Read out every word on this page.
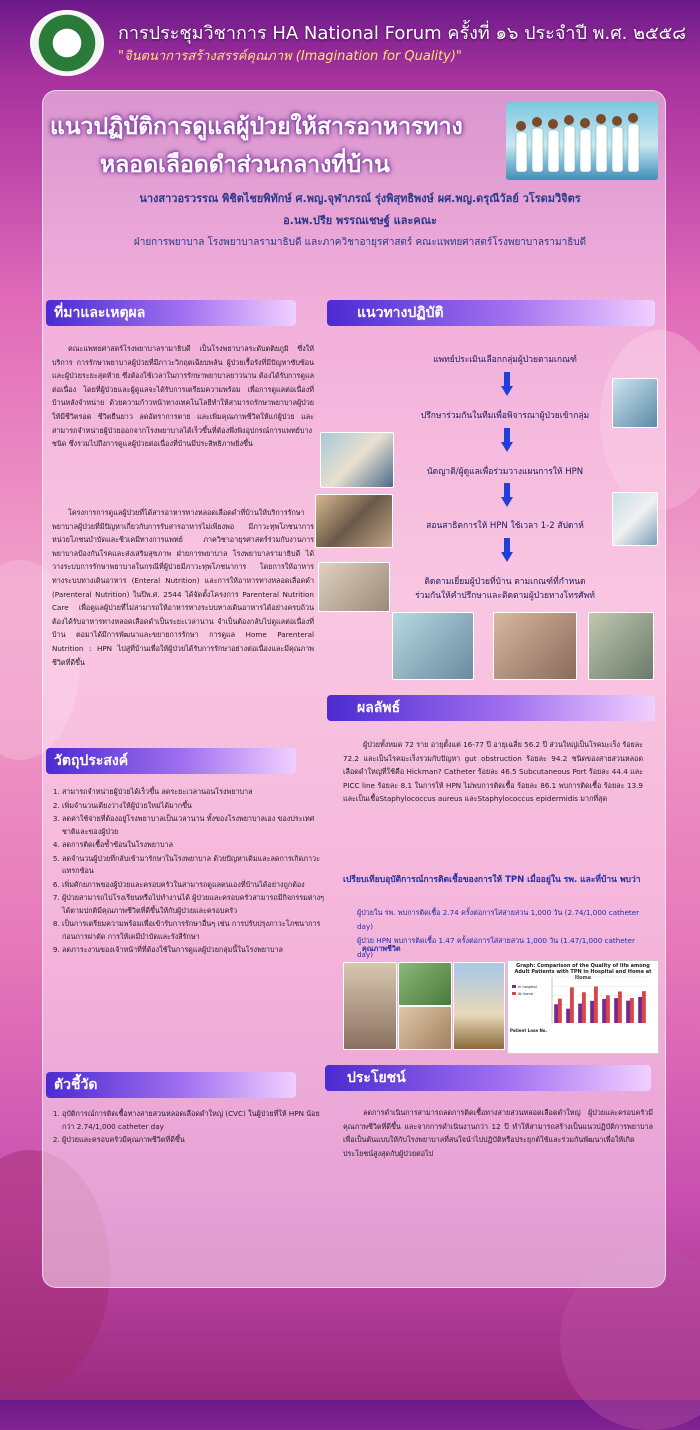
การประชุมวิชาการ HA National Forum ครั้งที่ ๑๖ ประจำปี พ.ศ. ๒๕๕๘
"จินตนาการสร้างสรรค์คุณภาพ (Imagination for Quality)"
แนวปฏิบัติการดูแลผู้ป่วยให้สารอาหารทาง
หลอดเลือดดำส่วนกลางที่บ้าน
นางสาวอรวรรณ พิชิตไชยพิทักษ์ ศ.พญ.จุฬาภรณ์ รุ่งพิสุทธิพงษ์ ผศ.พญ.ดรุณีวัลย์ วโรดมวิจิตร
อ.นพ.ปรีย พรรณเชษฐ์ และคณะ
ฝ่ายการพยาบาล โรงพยาบาลรามาธิบดี และภาควิชาอายุรศาสตร์ คณะแพทยศาสตร์โรงพยาบาลรามาธิบดี
ที่มาและเหตุผล
คณะแพทยศาสตร์โรงพยาบาลรามาธิบดี เป็นโรงพยาบาลระดับตติยภูมิ ซึ่งให้บริการ การรักษาพยาบาลผู้ป่วยที่มีภาวะวิกฤตเฉียบพลัน ผู้ป่วยเรื้อรังที่มีปัญหาซับซ้อนและผู้ป่วยระยะสุดท้าย ซึ่งต้องใช้เวลาในการรักษาพยาบาลยาวนาน ต้องได้รับการดูแลต่อเนื่อง โดยที่ผู้ป่วยและผู้ดูแลจะได้รับการเตรียมความพร้อม เพื่อการดูแลต่อเนื่องที่บ้านหลังจำหน่าย ด้วยความก้าวหน้าทางเทคโนโลยีทำให้สามารถรักษาพยาบาลผู้ป่วยให้มีชีวิตรอด ชีวิตยืนยาว ลดอัตราการตาย และเพิ่มคุณภาพชีวิตให้แก่ผู้ป่วย และสามารถจำหน่ายผู้ป่วยออกจากโรงพยาบาลได้เร็วขึ้นที่ต้องพึ่งพิงอุปกรณ์การแพทย์บางชนิด ซึ่งรวมไปถึงการดูแลผู้ป่วยต่อเนื่องที่บ้านมีประสิทธิภาพยิ่งขึ้น
โครงการการดูแลผู้ป่วยที่ได้สารอาหารทางหลอดเลือดดำที่บ้านให้บริการรักษาพยาบาลผู้ป่วยที่มีปัญหาเกี่ยวกับการรับสารอาหารไม่เพียงพอ มีภาวะทุพโภชนาการ หน่วยโภชนบำบัดและชีวเคมีทางการแพทย์ ภาควิชาอายุรศาสตร์ร่วมกับงานการพยาบาลป้องกันโรคและส่งเสริมสุขภาพ ฝ่ายการพยาบาล โรงพยาบาลรามาธิบดี ได้วางระบบการรักษาพยาบาลในกรณีที่ผู้ป่วยมีภาวะทุพโภชนาการ โดยการให้อาหารทางระบบทางเดินอาหาร (Enteral Nutrition) และการให้อาหารทางหลอดเลือดดำ (Parenteral Nutrition) ในปีพ.ศ. 2544 ได้จัดตั้งโครงการ Parenteral Nutrition Care เพื่อดูแลผู้ป่วยที่ไม่สามารถให้อาหารทางระบบทางเดินอาหารได้อย่างครบถ้วน ต้องได้รับอาหารทางหลอดเลือดดำเป็นระยะเวลานาน จำเป็นต้องกลับไปดูแลต่อเนื่องที่บ้าน ตอมาได้มีการพัฒนาและขยายการรักษา การดูแล Home Parenteral Nutrition : HPN ไปสู่ที่บ้านเพื่อให้ผู้ป่วยได้รับการรักษาอย่างต่อเนื่องและมีคุณภาพชีวิตที่ดีขึ้น
วัตถุประสงค์
1. สามารถจำหน่ายผู้ป่วยได้เร็วขึ้น ลดระยะเวลานอนโรงพยาบาล
2. เพิ่มจำนวนเตียงว่างให้ผู้ป่วยใหม่ได้มากขึ้น
3. ลดค่าใช้จ่ายที่ต้องอยู่โรงพยาบาลเป็นเวลานาน ทั้งของโรงพยาบาลเอง ของประเทศชาติและของผู้ป่วย
4. ลดการติดเชื้อซ้ำซ้อนในโรงพยาบาล
5. ลดจำนวนผู้ป่วยที่กลับเข้ามารักษาในโรงพยาบาล ด้วยปัญหาเดิมและลดการเกิดภาวะแทรกซ้อน
6. เพิ่มศักยภาพของผู้ป่วยและครอบครัวในสามารถดูแลตนเองที่บ้านได้อย่างถูกต้อง
7. ผู้ป่วยสามารถไปโรงเรียนหรือไปทำงานได้ ผู้ป่วยและครอบครัวสามารถมีกิจกรรมต่างๆได้ตามปกติมีคุณภาพชีวิตที่ดีขึ้นให้กับผู้ป่วยและครอบครัว
8. เป็นการเตรียมความพร้อมเพื่อเข้ารับการรักษาอื่นๆ เช่น การปรับปรุงภาวะโภชนาการก่อนการผ่าตัด การให้เคมีบำบัดและรังสีรักษา
9. ลดภาระงานของเจ้าหน้าที่ที่ต้องใช้ในการดูแลผู้ป่วยกลุ่มนี้ในโรงพยาบาล
ตัวชี้วัด
1. อุบัติการณ์การติดเชื้อทางสายสวนหลอดเลือดดำใหญ่ (CVC) ในผู้ป่วยที่ให้ HPN น้อยกว่า 2.74/1,000 catheter day
2. ผู้ป่วยและครอบครัวมีคุณภาพชีวิตที่ดีขึ้น
แนวทางปฏิบัติ
แพทย์ประเมินเลือกกลุ่มผู้ป่วยตามเกณฑ์
ปรึกษาร่วมกันในทีมเพื่อพิจารณาผู้ป่วยเข้ากลุ่ม
นัดญาติ/ผู้ดูแลเพื่อร่วมวางแผนการให้ HPN
สอนสาธิตการให้ HPN ใช้เวลา 1-2 สัปดาห์
ติดตามเยี่ยมผู้ป่วยที่บ้าน ตามเกณฑ์ที่กำหนด
ร่วมกันให้คำปรึกษาและติดตามผู้ป่วยทางโทรศัพท์
ผลลัพธ์
ผู้ป่วยทั้งหมด 72 ราย อายุตั้งแต่ 16-77 ปี อายุเฉลี่ย 56.2 ปี ส่วนใหญ่เป็นโรคมะเร็ง ร้อยละ 72.2 และเป็นโรคมะเร็งรวมกับปัญหา gut obstruction ร้อยละ 94.2 ชนิดของสายสวนหลอดเลือดดำใหญ่ที่ใช้คือ Hickman? Catheter ร้อยละ 46.5 Subcutaneous Port ร้อยละ 44.4 และ PICC line ร้อยละ 8.1 ในการให้ HPN ไม่พบการติดเชื้อ ร้อยละ 86.1 พบการติดเชื้อ ร้อยละ 13.9 และเป็นเชื้อStaphylococcus aureus และStaphylococcus epidermidis มากที่สุด
เปรียบเทียบอุบัติการณ์การติดเชื้อของการให้ TPN เมื่ออยู่ใน รพ. และที่บ้าน พบว่า
ผู้ป่วยใน รพ. พบการติดเชื้อ 2.74 ครั้งต่อการใส่สายสวน 1,000 วัน (2.74/1,000 catheter day)
ผู้ป่วย HPN พบการติดเชื้อ 1.47 ครั้งต่อการใส่สายสวน 1,000 วัน (1.47/1,000 catheter day)
คุณภาพชีวิต
Graph: Comparison of the Quality of life among Adult Patients with TPN in Hospital and Home at Home
In hospital
At home
Patient Lose No.
ประโยชน์
ลดการดำเนินการสามารถลดการติดเชื้อทางสายสวนหลอดเลือดดำใหญ่ ผู้ป่วยและครอบครัวมีคุณภาพชีวิตที่ดีขึ้น และจากการดำเนินงานกว่า 12 ปี ทำให้สามารถสร้างเป็นแนวปฏิบัติการพยาบาล เพื่อเป็นต้นแบบให้กับโรงพยาบาลที่สนใจนำไปปฏิบัติหรือประยุกต์ใช้และร่วมกันพัฒนาเพื่อให้เกิดประโยชน์สูงสุดกับผู้ป่วยต่อไป
